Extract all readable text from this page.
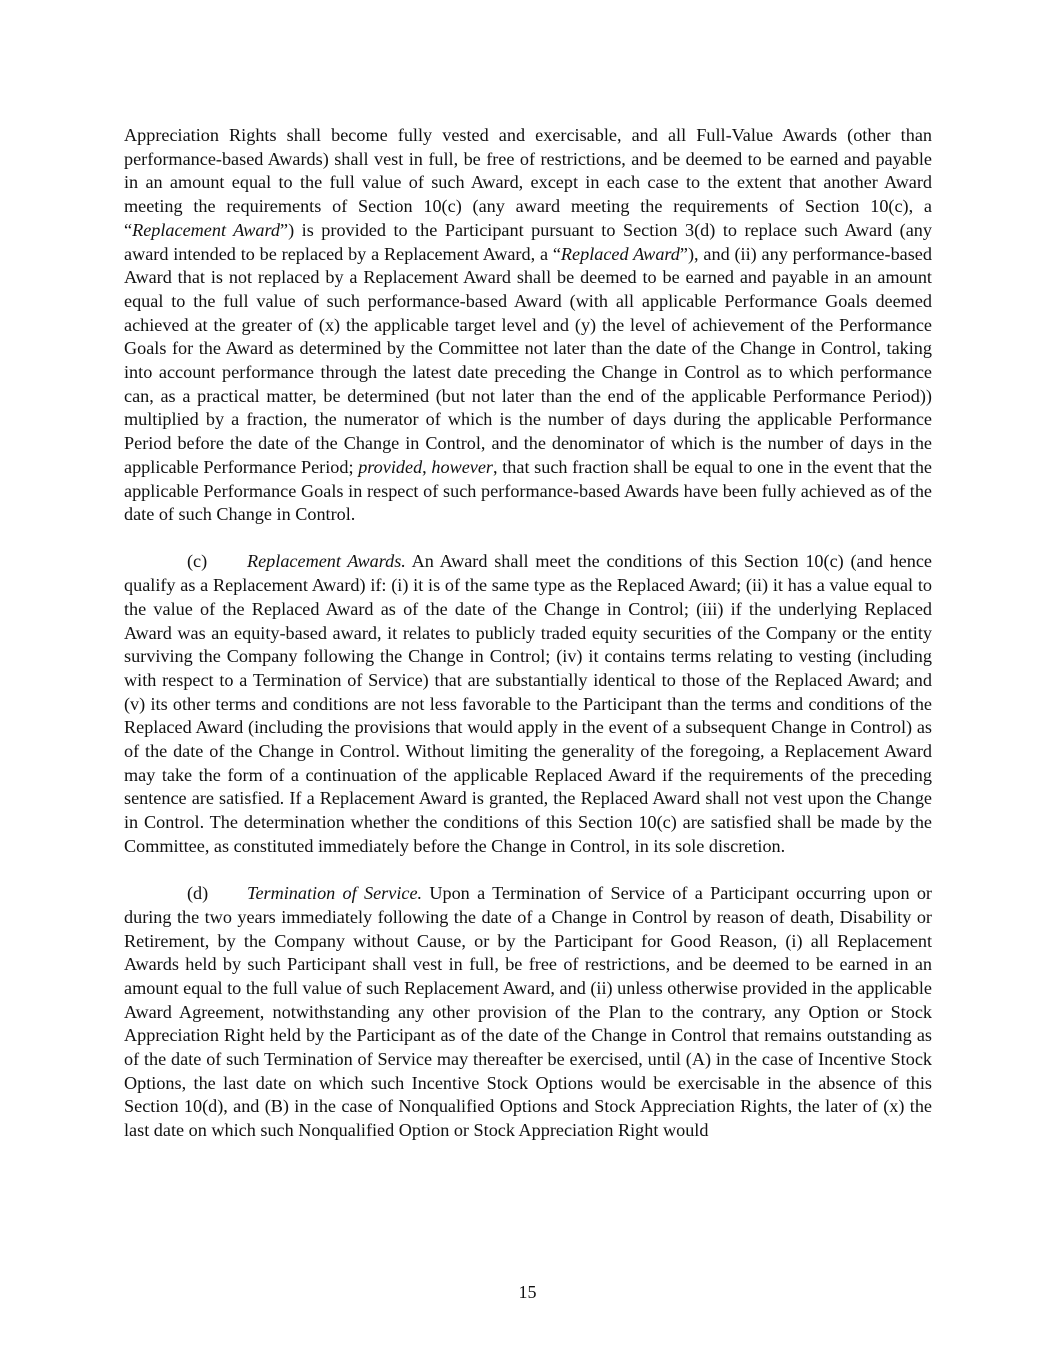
Appreciation Rights shall become fully vested and exercisable, and all Full-Value Awards (other than performance-based Awards) shall vest in full, be free of restrictions, and be deemed to be earned and payable in an amount equal to the full value of such Award, except in each case to the extent that another Award meeting the requirements of Section 10(c) (any award meeting the requirements of Section 10(c), a “Replacement Award”) is provided to the Participant pursuant to Section 3(d) to replace such Award (any award intended to be replaced by a Replacement Award, a “Replaced Award”), and (ii) any performance-based Award that is not replaced by a Replacement Award shall be deemed to be earned and payable in an amount equal to the full value of such performance-based Award (with all applicable Performance Goals deemed achieved at the greater of (x) the applicable target level and (y) the level of achievement of the Performance Goals for the Award as determined by the Committee not later than the date of the Change in Control, taking into account performance through the latest date preceding the Change in Control as to which performance can, as a practical matter, be determined (but not later than the end of the applicable Performance Period)) multiplied by a fraction, the numerator of which is the number of days during the applicable Performance Period before the date of the Change in Control, and the denominator of which is the number of days in the applicable Performance Period; provided, however, that such fraction shall be equal to one in the event that the applicable Performance Goals in respect of such performance-based Awards have been fully achieved as of the date of such Change in Control.

(c) Replacement Awards. An Award shall meet the conditions of this Section 10(c) (and hence qualify as a Replacement Award) if: (i) it is of the same type as the Replaced Award; (ii) it has a value equal to the value of the Replaced Award as of the date of the Change in Control; (iii) if the underlying Replaced Award was an equity-based award, it relates to publicly traded equity securities of the Company or the entity surviving the Company following the Change in Control; (iv) it contains terms relating to vesting (including with respect to a Termination of Service) that are substantially identical to those of the Replaced Award; and (v) its other terms and conditions are not less favorable to the Participant than the terms and conditions of the Replaced Award (including the provisions that would apply in the event of a subsequent Change in Control) as of the date of the Change in Control. Without limiting the generality of the foregoing, a Replacement Award may take the form of a continuation of the applicable Replaced Award if the requirements of the preceding sentence are satisfied. If a Replacement Award is granted, the Replaced Award shall not vest upon the Change in Control. The determination whether the conditions of this Section 10(c) are satisfied shall be made by the Committee, as constituted immediately before the Change in Control, in its sole discretion.

(d) Termination of Service. Upon a Termination of Service of a Participant occurring upon or during the two years immediately following the date of a Change in Control by reason of death, Disability or Retirement, by the Company without Cause, or by the Participant for Good Reason, (i) all Replacement Awards held by such Participant shall vest in full, be free of restrictions, and be deemed to be earned in an amount equal to the full value of such Replacement Award, and (ii) unless otherwise provided in the applicable Award Agreement, notwithstanding any other provision of the Plan to the contrary, any Option or Stock Appreciation Right held by the Participant as of the date of the Change in Control that remains outstanding as of the date of such Termination of Service may thereafter be exercised, until (A) in the case of Incentive Stock Options, the last date on which such Incentive Stock Options would be exercisable in the absence of this Section 10(d), and (B) in the case of Nonqualified Options and Stock Appreciation Rights, the later of (x) the last date on which such Nonqualified Option or Stock Appreciation Right would

15
